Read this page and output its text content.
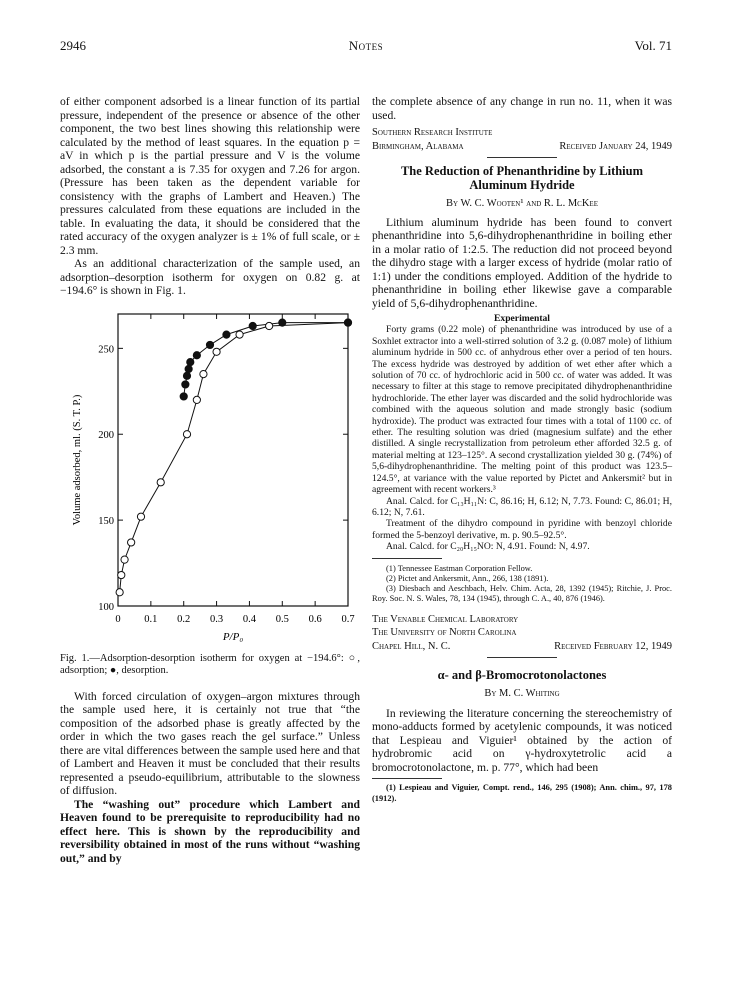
2946	Notes	Vol. 71

of either component adsorbed is a linear function of its partial pressure, independent of the presence or absence of the other component, the two best lines showing this relationship were calculated by the method of least squares. In the equation p = aV in which p is the partial pressure and V is the volume adsorbed, the constant a is 7.35 for oxygen and 7.26 for argon. (Pressure has been taken as the dependent variable for consistency with the graphs of Lambert and Heaven.) The pressures calculated from these equations are included in the table. In evaluating the data, it should be considered that the rated accuracy of the oxygen analyzer is ± 1% of full scale, or ± 2.3 mm.

As an additional characterization of the sample used, an adsorption–desorption isotherm for oxygen on 0.82 g. at −194.6° is shown in Fig. 1.

0 0.1 0.2 0.3 0.4 0.5 0.6 0.7
100
150
200
250
P/P₀
Volume adsorbed, ml. (S. T. P.)

Fig. 1.—Adsorption-desorption isotherm for oxygen at −194.6°: ○, adsorption; ●, desorption.

With forced circulation of oxygen–argon mixtures through the sample used here, it is certainly not true that “the composition of the adsorbed phase is greatly affected by the order in which the two gases reach the gel surface.” Unless there are vital differences between the sample used here and that of Lambert and Heaven it must be concluded that their results represented a pseudo-equilibrium, attributable to the slowness of diffusion.

The “washing out” procedure which Lambert and Heaven found to be prerequisite to reproducibility had no effect here. This is shown by the reproducibility and reversibility obtained in most of the runs without “washing out,” and by

the complete absence of any change in run no. 11, when it was used.

Southern Research Institute

Birmingham, Alabama	Received January 24, 1949

The Reduction of Phenanthridine by Lithium Aluminum Hydride

By W. C. Wooten¹ and R. L. McKee

Lithium aluminum hydride has been found to convert phenanthridine into 5,6-dihydrophenanthridine in boiling ether in a molar ratio of 1:2.5. The reduction did not proceed beyond the dihydro stage with a larger excess of hydride (molar ratio of 1:1) under the conditions employed. Addition of the hydride to phenanthridine in boiling ether likewise gave a comparable yield of 5,6-dihydrophenanthridine.

Experimental

Forty grams (0.22 mole) of phenanthridine was introduced by use of a Soxhlet extractor into a well-stirred solution of 3.2 g. (0.087 mole) of lithium aluminum hydride in 500 cc. of anhydrous ether over a period of ten hours. The excess hydride was destroyed by addition of wet ether after which a solution of 70 cc. of hydrochloric acid in 500 cc. of water was added. It was necessary to filter at this stage to remove precipitated dihydrophenanthridine hydrochloride. The ether layer was discarded and the solid hydrochloride was combined with the aqueous solution and made strongly basic (sodium hydroxide). The product was extracted four times with a total of 1100 cc. of ether. The resulting solution was dried (magnesium sulfate) and the ether distilled. A single recrystallization from petroleum ether afforded 32.5 g. of material melting at 123–125°. A second crystallization yielded 30 g. (74%) of 5,6-dihydrophenanthridine. The melting point of this product was 123.5–124.5°, at variance with the value reported by Pictet and Ankersmit² but in agreement with recent workers.³

Anal. Calcd. for C₁₃H₁₁N: C, 86.16; H, 6.12; N, 7.73. Found: C, 86.01; H, 6.12; N, 7.61.

Treatment of the dihydro compound in pyridine with benzoyl chloride formed the 5-benzoyl derivative, m. p. 90.5–92.5°.

Anal. Calcd. for C₂₀H₁₅NO: N, 4.91. Found: N, 4.97.

(1) Tennessee Eastman Corporation Fellow.

(2) Pictet and Ankersmit, Ann., 266, 138 (1891).

(3) Diesbach and Aeschbach, Helv. Chim. Acta, 28, 1392 (1945); Ritchie, J. Proc. Roy. Soc. N. S. Wales, 78, 134 (1945), through C. A., 40, 876 (1946).

The Venable Chemical Laboratory

The University of North Carolina

Chapel Hill, N. C.	Received February 12, 1949

α- and β-Bromocrotonolactones

By M. C. Whiting

In reviewing the literature concerning the stereochemistry of mono-adducts formed by acetylenic compounds, it was noticed that Lespieau and Viguier¹ obtained by the action of hydrobromic acid on γ-hydroxytetrolic acid a bromocrotonolactone, m. p. 77°, which had been

(1) Lespieau and Viguier, Compt. rend., 146, 295 (1908); Ann. chim., 97, 178 (1912).
